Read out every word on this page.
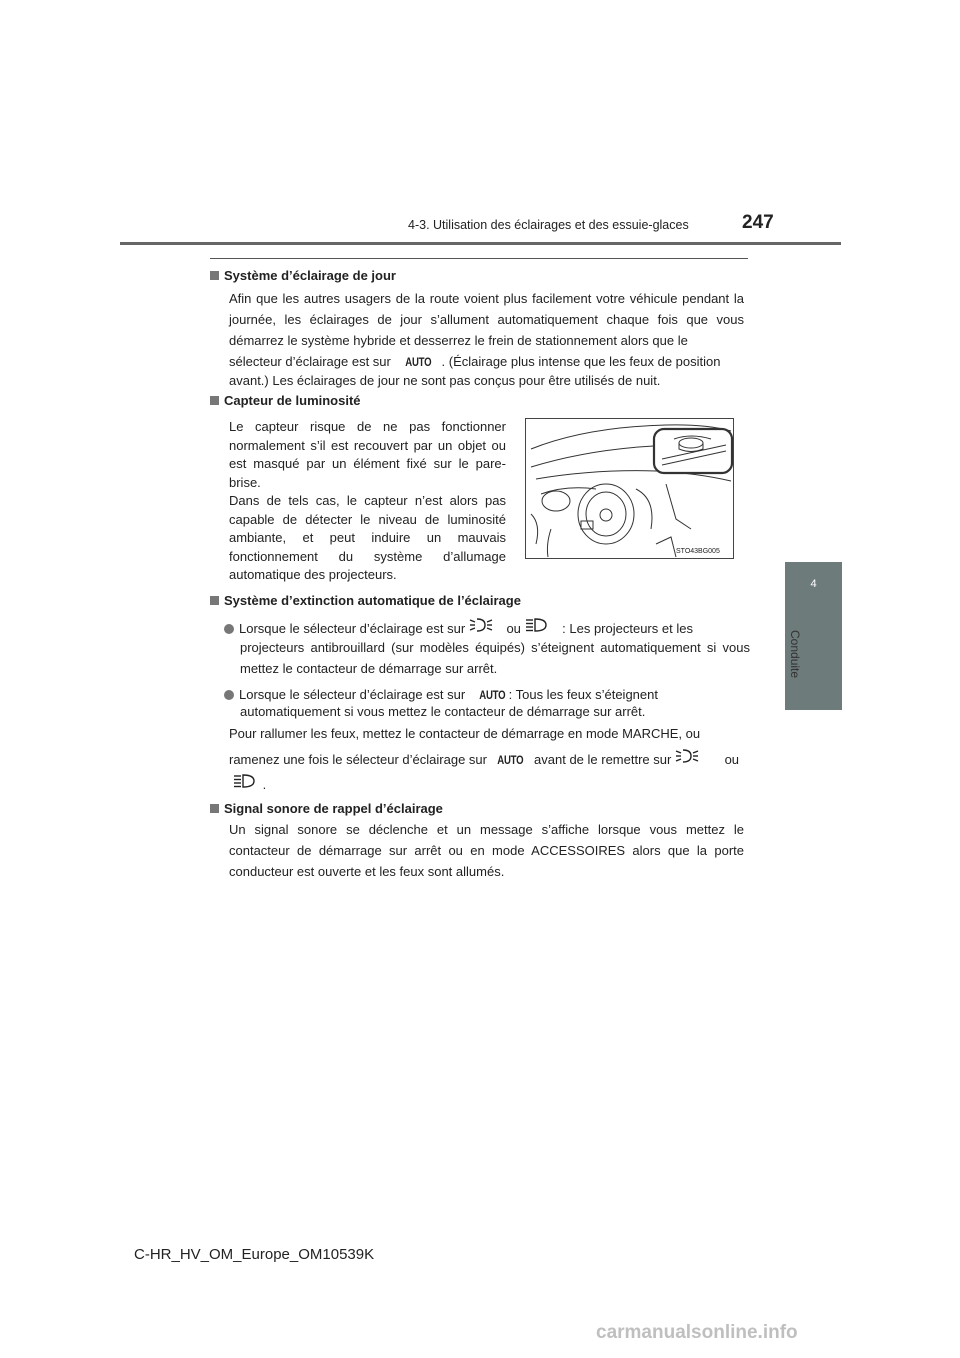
4-3. Utilisation des éclairages et des essuie-glaces	247
4
Conduite
Système d’éclairage de jour
Afin que les autres usagers de la route voient plus facilement votre véhicule pendant la journée, les éclairages de jour s’allument automatiquement chaque fois que vous démarrez le système hybride et desserrez le frein de stationnement alors que le
sélecteur d’éclairage est sur AUTO . (Éclairage plus intense que les feux de position
avant.) Les éclairages de jour ne sont pas conçus pour être utilisés de nuit.
Capteur de luminosité
Le capteur risque de ne pas fonctionner normalement s’il est recouvert par un objet ou est masqué par un élément fixé sur le pare-brise.
Dans de tels cas, le capteur n’est alors pas capable de détecter le niveau de luminosité ambiante, et peut induire un mauvais fonctionnement du système d’allumage automatique des projecteurs.
STO43BG005
Système d’extinction automatique de l’éclairage
Lorsque le sélecteur d’éclairage est sur	ou	: Les projecteurs et les
projecteurs antibrouillard (sur modèles équipés) s’éteignent automatiquement si vous mettez le contacteur de démarrage sur arrêt.
Lorsque le sélecteur d’éclairage est sur AUTO : Tous les feux s’éteignent
automatiquement si vous mettez le contacteur de démarrage sur arrêt.
Pour rallumer les feux, mettez le contacteur de démarrage en mode MARCHE, ou
ramenez une fois le sélecteur d’éclairage sur AUTO avant de le remettre sur	ou
.
Signal sonore de rappel d’éclairage
Un signal sonore se déclenche et un message s’affiche lorsque vous mettez le contacteur de démarrage sur arrêt ou en mode ACCESSOIRES alors que la porte conducteur est ouverte et les feux sont allumés.
C-HR_HV_OM_Europe_OM10539K
carmanualsonline.info
